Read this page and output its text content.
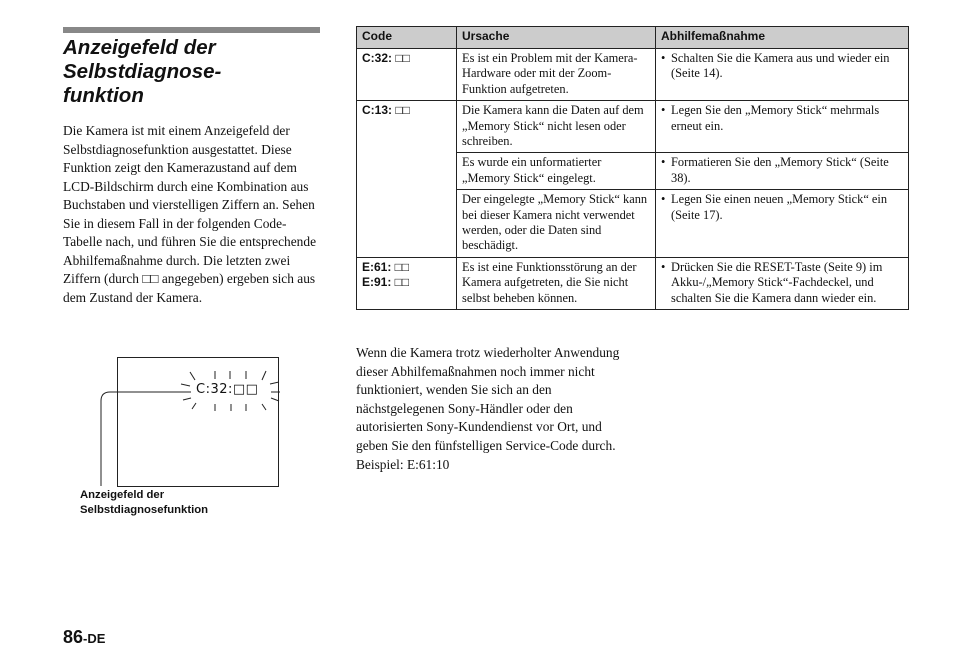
Anzeigefeld der
Selbstdiagnose-
funktion

Die Kamera ist mit einem Anzeigefeld der Selbstdiagnosefunktion ausgestattet. Diese Funktion zeigt den Kamerazustand auf dem LCD-Bildschirm durch eine Kombination aus Buchstaben und vierstelligen Ziffern an. Sehen Sie in diesem Fall in der folgenden Code-Tabelle nach, und führen Sie die entsprechende Abhilfemaßnahme durch. Die letzten zwei Ziffern (durch □□ angegeben) ergeben sich aus dem Zustand der Kamera.

C:32:□□

Anzeigefeld der
Selbstdiagnosefunktion

Code	Ursache	Abhilfemaßnahme

C:32: □□	Es ist ein Problem mit der Kamera-Hardware oder mit der Zoom-Funktion aufgetreten.	• Schalten Sie die Kamera aus und wieder ein (Seite 14).

C:13: □□	Die Kamera kann die Daten auf dem „Memory Stick“ nicht lesen oder schreiben.	• Legen Sie den „Memory Stick“ mehrmals erneut ein.

	Es wurde ein unformatierter „Memory Stick“ eingelegt.	• Formatieren Sie den „Memory Stick“ (Seite 38).

	Der eingelegte „Memory Stick“ kann bei dieser Kamera nicht verwendet werden, oder die Daten sind beschädigt.	• Legen Sie einen neuen „Memory Stick“ ein (Seite 17).

E:61: □□
E:91: □□	Es ist eine Funktionsstörung an der Kamera aufgetreten, die Sie nicht selbst beheben können.	• Drücken Sie die RESET-Taste (Seite 9) im Akku-/„Memory Stick“-Fachdeckel, und schalten Sie die Kamera dann wieder ein.
Wenn die Kamera trotz wiederholter Anwendung dieser Abhilfemaßnahmen noch immer nicht funktioniert, wenden Sie sich an den nächstgelegenen Sony-Händler oder den autorisierten Sony-Kundendienst vor Ort, und geben Sie den fünfstelligen Service-Code durch.
Beispiel: E:61:10
86-DE
